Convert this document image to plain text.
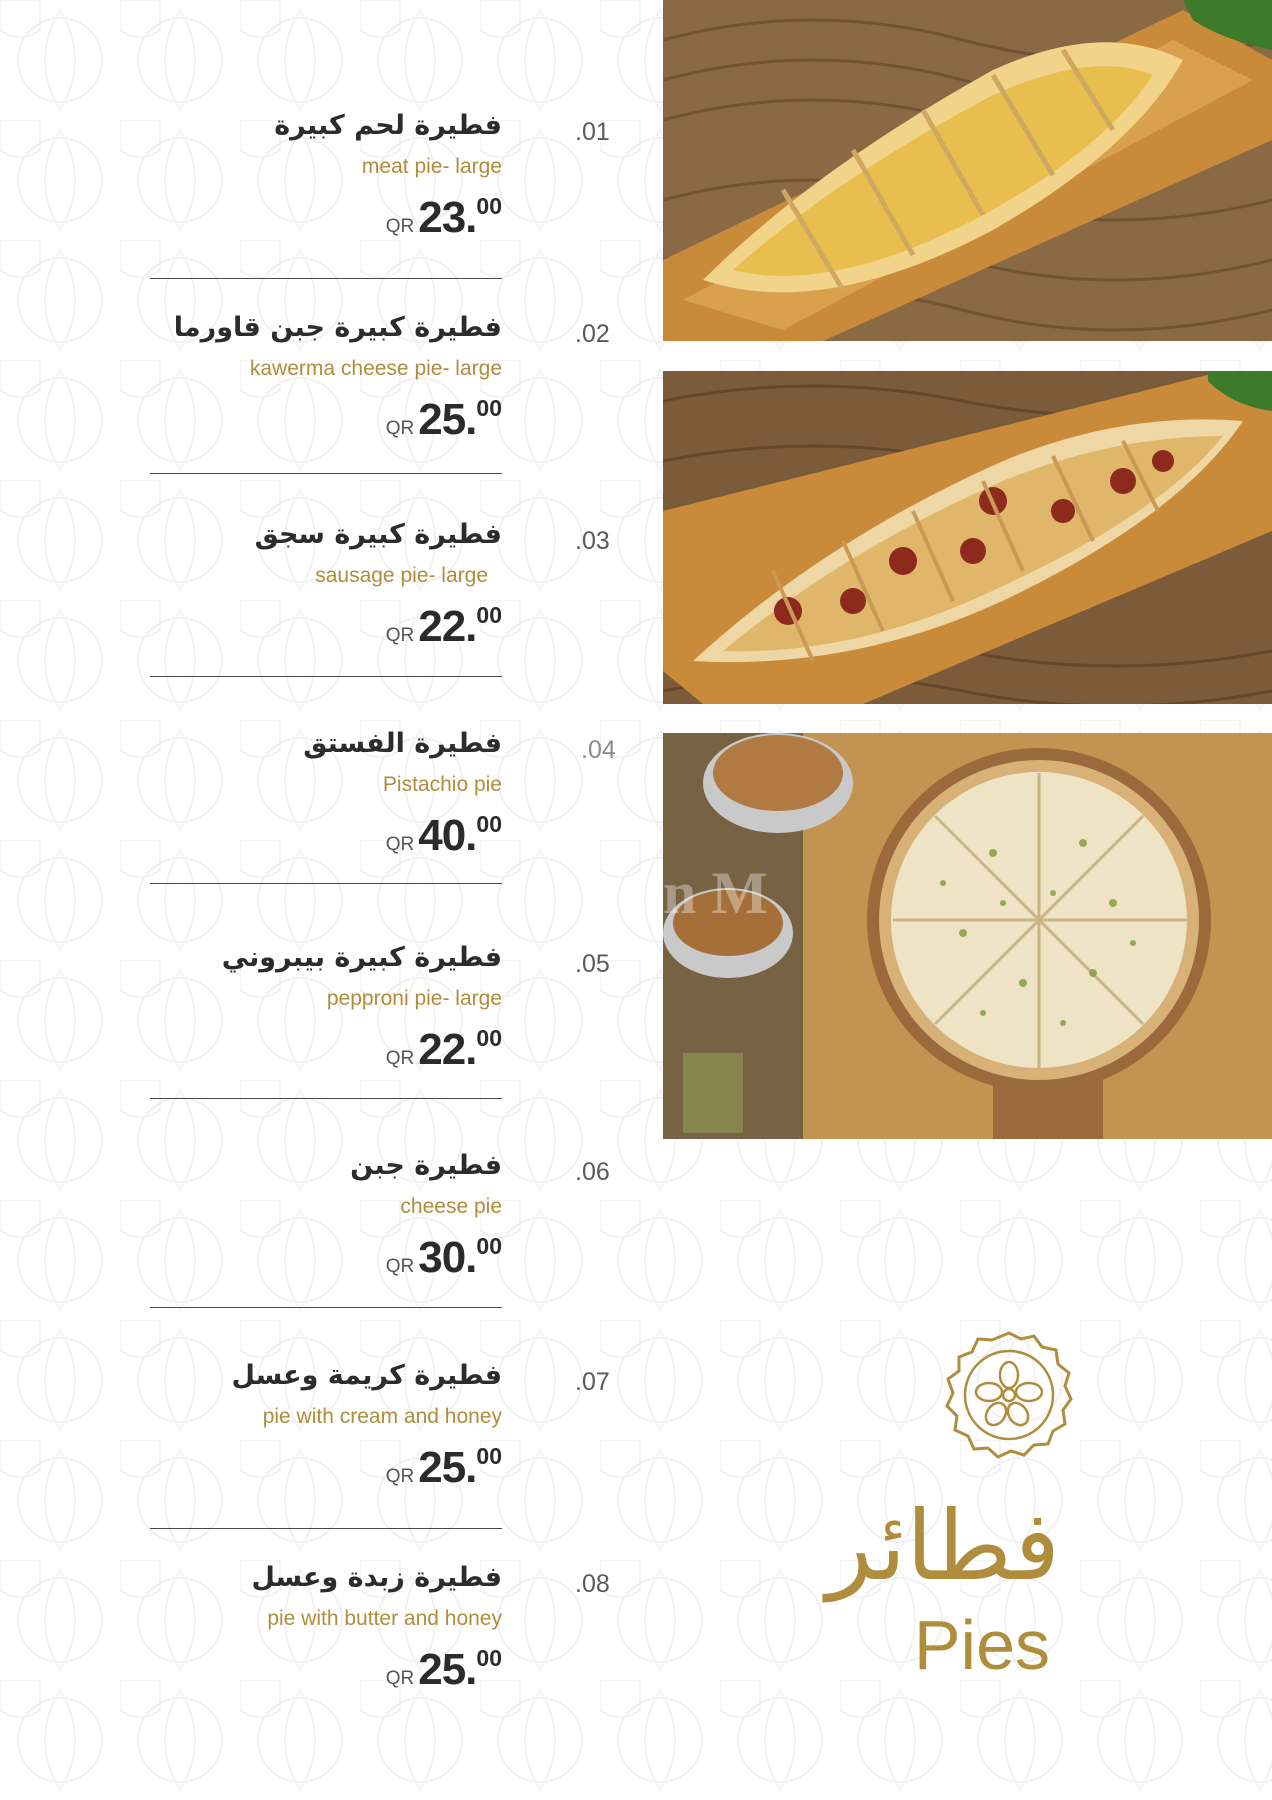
.01
فطيرة لحم كبيرة
meat pie- large
QR23.00
.02
فطيرة كبيرة جبن قاورما
kawerma cheese pie- large
QR25.00
.03
فطيرة كبيرة سجق
sausage pie- large
QR22.00
.04
فطيرة الفستق
Pistachio pie
QR40.00
.05
فطيرة كبيرة بيبروني
pepproni pie- large
QR22.00
.06
فطيرة جبن
cheese pie
QR30.00
.07
فطيرة كريمة وعسل
pie with cream and honey
QR25.00
.08
فطيرة زبدة وعسل
pie with butter and honey
QR25.00
n M
فطائر
Pies
